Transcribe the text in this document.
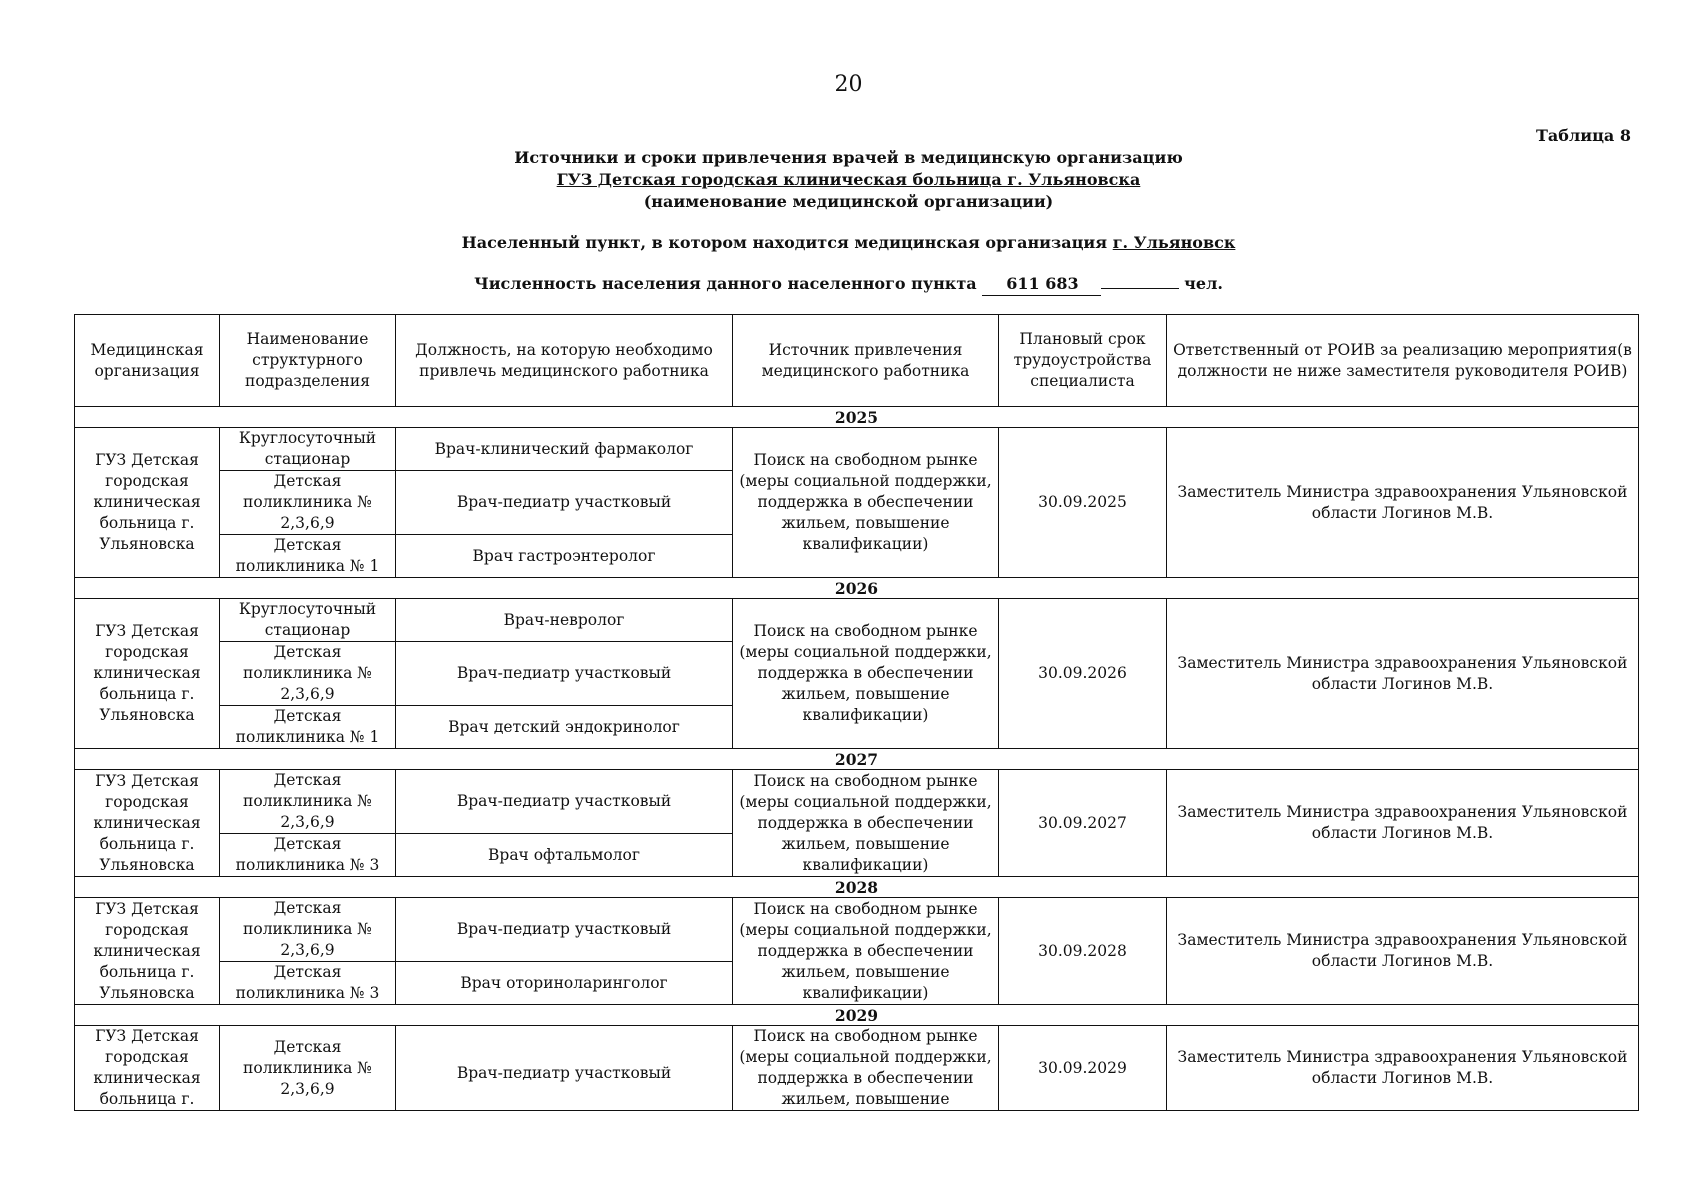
20
Таблица 8
Источники и сроки привлечения врачей в медицинскую организацию
ГУЗ Детская городская клиническая больница г. Ульяновска
(наименование медицинской организации)
Населенный пункт, в котором находится медицинская организация г. Ульяновск
Численность населения данного населенного пункта 611 683	чел.
Медицинская организация	Наименование структурного подразделения	Должность, на которую необходимо привлечь медицинского работника	Источник привлечения медицинского работника	Плановый срок трудоустройства специалиста	Ответственный от РОИВ за реализацию мероприятия(в должности не ниже заместителя руководителя РОИВ)
2025					
ГУЗ Детская городская клиническая больница г. Ульяновска	Круглосуточный стационар	Врач-клинический фармаколог	Поиск на свободном рынке (меры социальной поддержки, поддержка в обеспечении жильем, повышение квалификации)	30.09.2025	Заместитель Министра здравоохранения Ульяновской области Логинов М.В.
	Детская поликлиника № 2,3,6,9	Врач-педиатр участковый			
	Детская поликлиника № 1	Врач гастроэнтеролог			
2026					
ГУЗ Детская городская клиническая больница г. Ульяновска	Круглосуточный стационар	Врач-невролог	Поиск на свободном рынке (меры социальной поддержки, поддержка в обеспечении жильем, повышение квалификации)	30.09.2026	Заместитель Министра здравоохранения Ульяновской области Логинов М.В.
	Детская поликлиника № 2,3,6,9	Врач-педиатр участковый			
	Детская поликлиника № 1	Врач детский эндокринолог			
2027					
ГУЗ Детская городская клиническая больница г. Ульяновска	Детская поликлиника № 2,3,6,9	Врач-педиатр участковый	Поиск на свободном рынке (меры социальной поддержки, поддержка в обеспечении жильем, повышение квалификации)	30.09.2027	Заместитель Министра здравоохранения Ульяновской области Логинов М.В.
	Детская поликлиника № 3	Врач офтальмолог			
2028					
ГУЗ Детская городская клиническая больница г. Ульяновска	Детская поликлиника № 2,3,6,9	Врач-педиатр участковый	Поиск на свободном рынке (меры социальной поддержки, поддержка в обеспечении жильем, повышение квалификации)	30.09.2028	Заместитель Министра здравоохранения Ульяновской области Логинов М.В.
	Детская поликлиника № 3	Врач оториноларинголог			
2029					
ГУЗ Детская городская клиническая больница г.	Детская поликлиника № 2,3,6,9	Врач-педиатр участковый	Поиск на свободном рынке (меры социальной поддержки, поддержка в обеспечении жильем, повышение	30.09.2029	Заместитель Министра здравоохранения Ульяновской области Логинов М.В.
